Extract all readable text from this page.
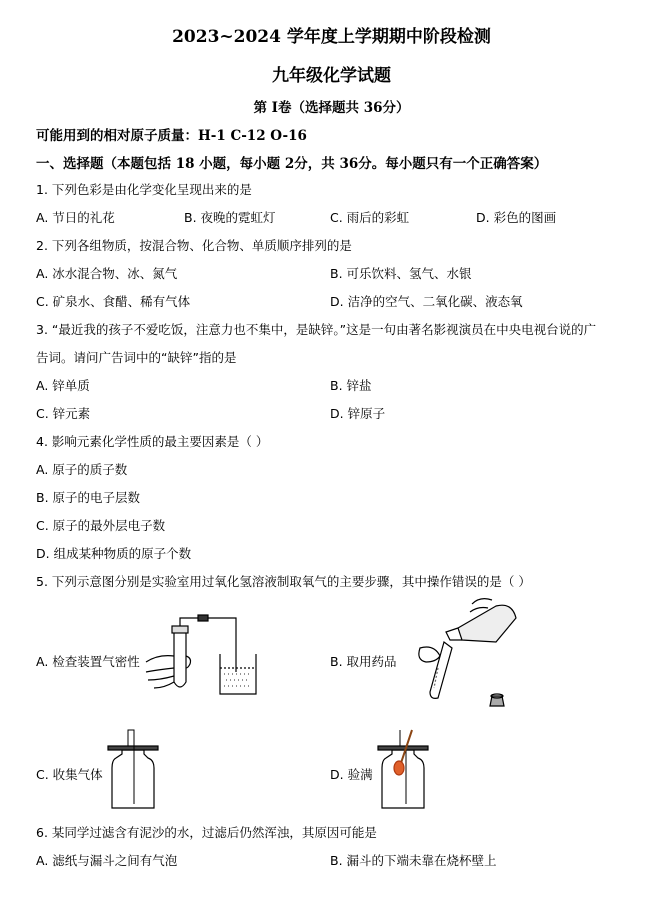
2023~2024 学年度上学期期中阶段检测
九年级化学试题
第 I卷（选择题共 36分）
可能用到的相对原子质量：H-1 C-12 O-16
一、选择题（本题包括 18 小题，每小题 2分，共 36分。每小题只有一个正确答案）
1. 下列色彩是由化学变化呈现出来的是
A. 节日的礼花	B. 夜晚的霓虹灯	C. 雨后的彩虹	D. 彩色的图画
2. 下列各组物质，按混合物、化合物、单质顺序排列的是
A. 冰水混合物、冰、氮气	B. 可乐饮料、氢气、水银
C. 矿泉水、食醋、稀有气体	D. 洁净的空气、二氧化碳、液态氧
3. “最近我的孩子不爱吃饭，注意力也不集中，是缺锌。”这是一句由著名影视演员在中央电视台说的广
告词。请问广告词中的“缺锌”指的是
A. 锌单质	B. 锌盐
C. 锌元素	D. 锌原子
4. 影响元素化学性质的最主要因素是（ ）
A. 原子的质子数
B. 原子的电子层数
C. 原子的最外层电子数
D. 组成某种物质的原子个数
5. 下列示意图分别是实验室用过氧化氢溶液制取氧气的主要步骤，其中操作错误的是（ ）
A. 检查装置气密性	B. 取用药品
C. 收集气体	D. 验满
6. 某同学过滤含有泥沙的水，过滤后仍然浑浊，其原因可能是
A. 滤纸与漏斗之间有气泡	B. 漏斗的下端未靠在烧杯壁上
